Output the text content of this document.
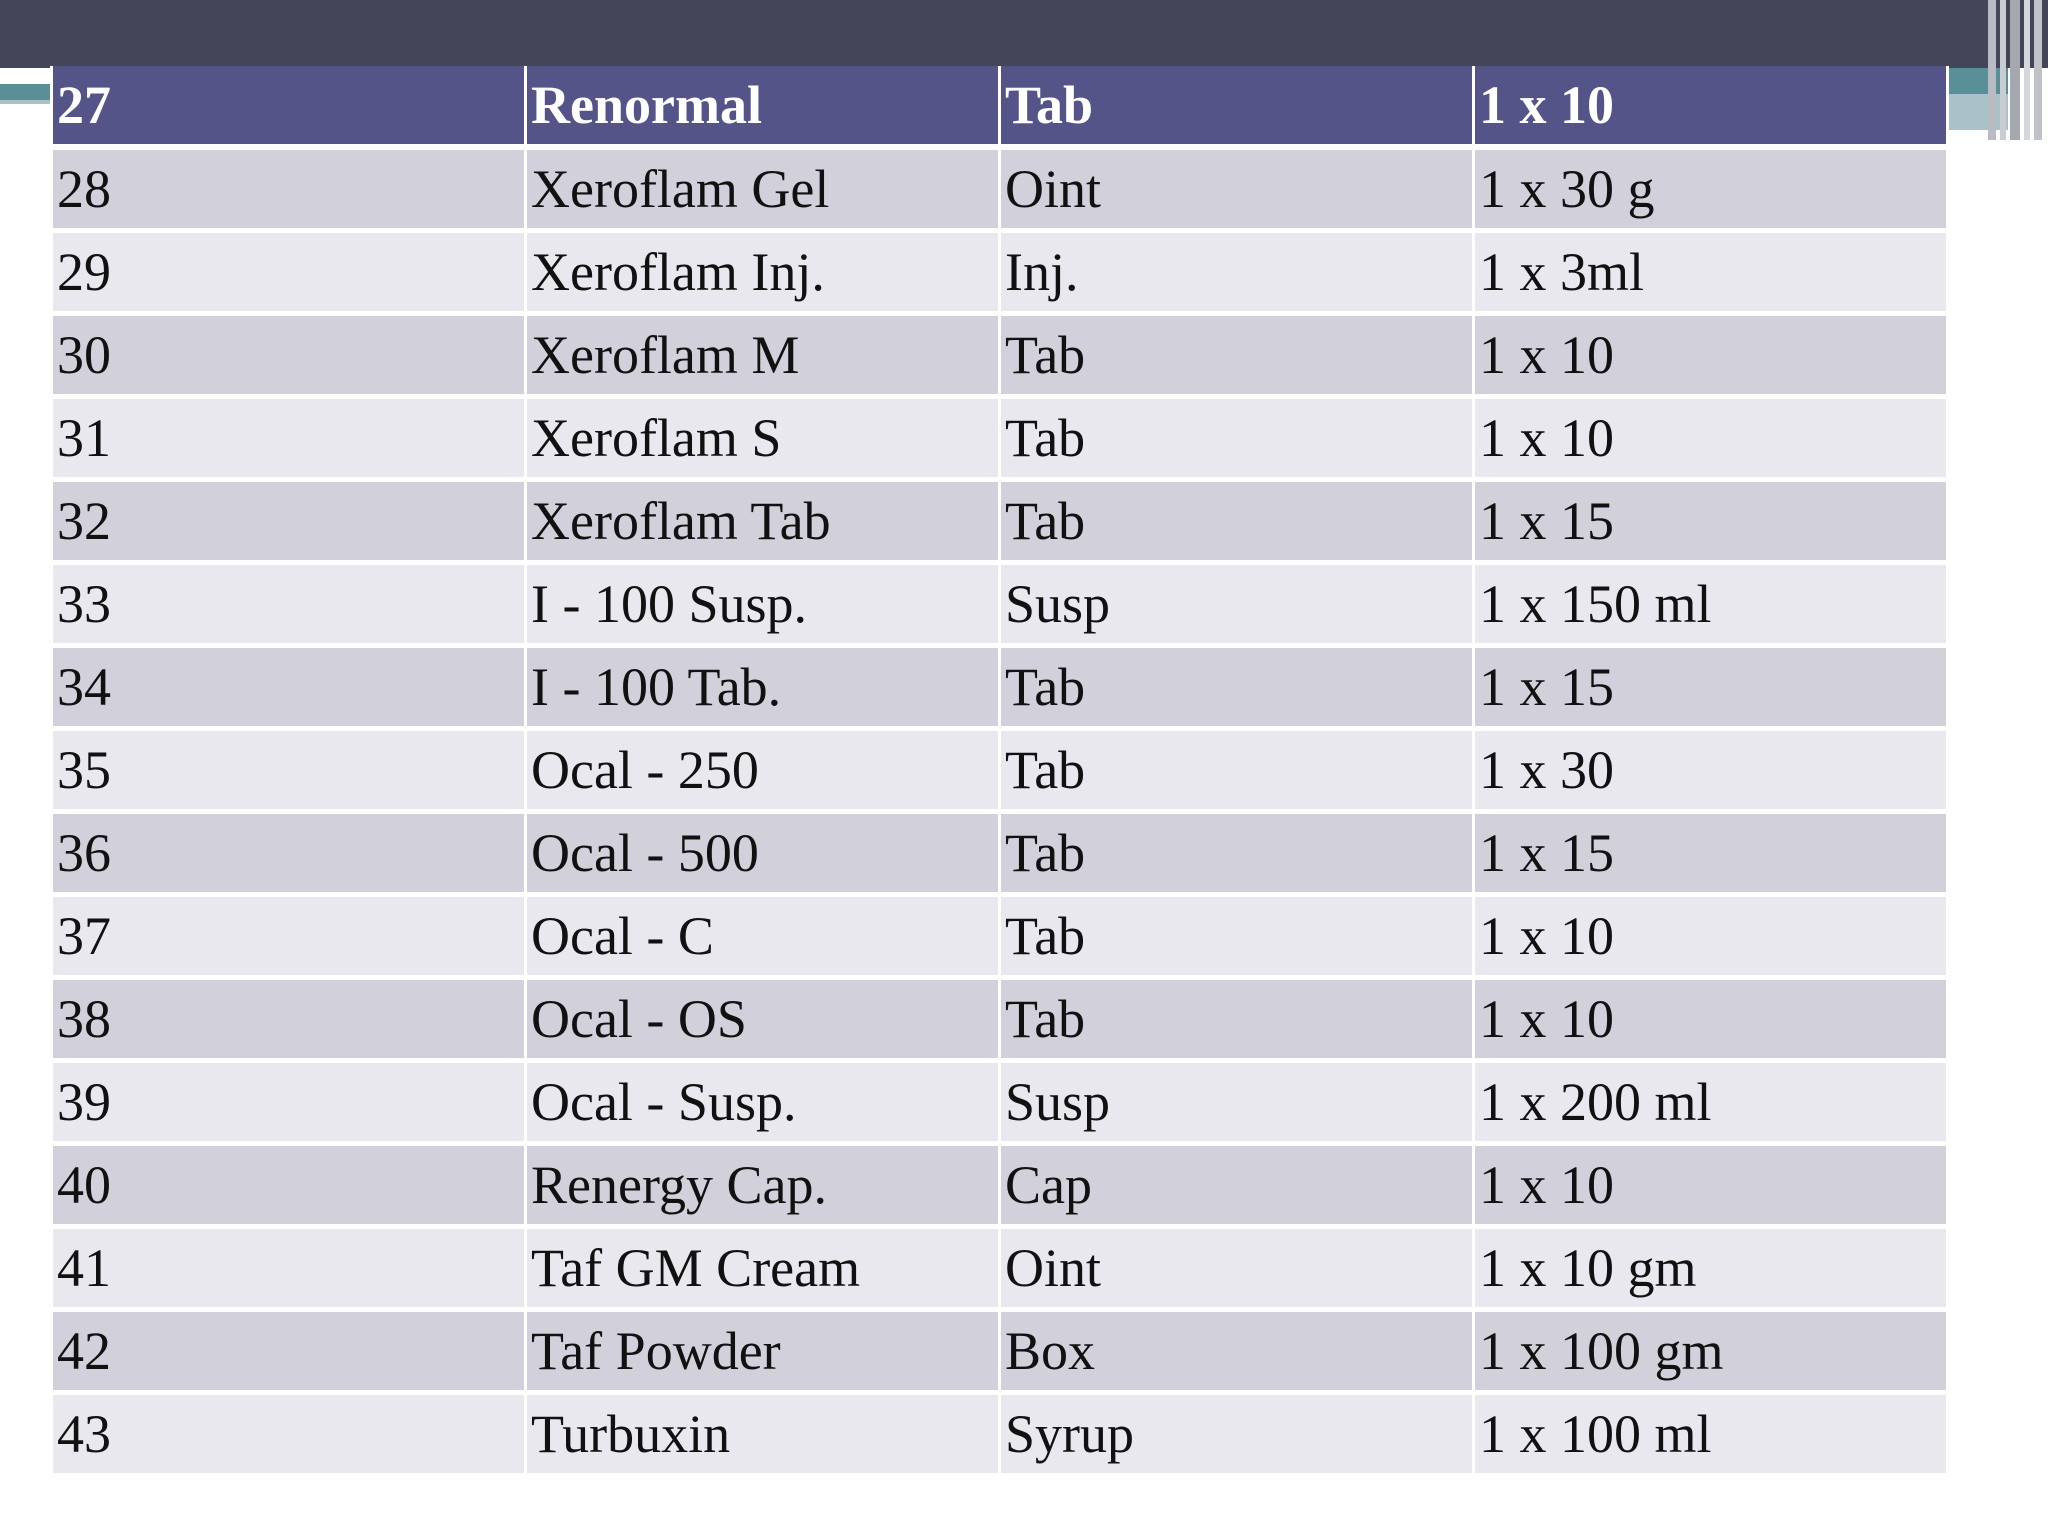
27	Renormal	Tab	1 x 10
28	Xeroflam Gel	Oint	1 x 30 g
29	Xeroflam Inj.	Inj.	1 x 3ml
30	Xeroflam M	Tab	1 x 10
31	Xeroflam S	Tab	1 x 10
32	Xeroflam Tab	Tab	1 x 15
33	I - 100 Susp.	Susp	1 x 150 ml
34	I - 100 Tab.	Tab	1 x 15
35	Ocal - 250	Tab	1 x 30
36	Ocal - 500	Tab	1 x 15
37	Ocal - C	Tab	1 x 10
38	Ocal - OS	Tab	1 x 10
39	Ocal - Susp.	Susp	1 x 200 ml
40	Renergy Cap.	Cap	1 x 10
41	Taf GM Cream	Oint	1 x 10 gm
42	Taf Powder	Box	1 x 100 gm
43	Turbuxin	Syrup	1 x 100 ml
